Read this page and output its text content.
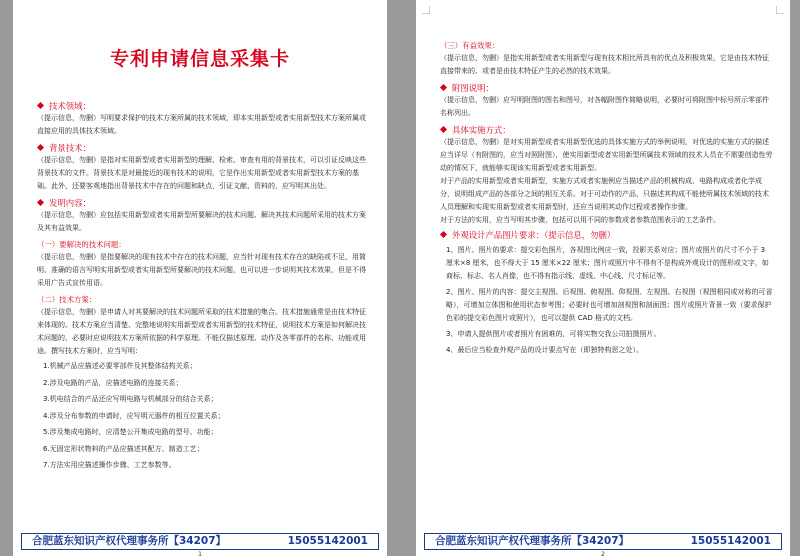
专利申请信息采集卡
技术领域：
（提示信息，勿删）写明要求保护的技术方案所属的技术领域，即本实用新型或者实用新型技术方案所属或直接应用的具体技术领域。
背景技术：
（提示信息，勿删）是指对实用新型或者实用新型的理解、检索、审查有用的背景技术，可以引证反映这些背景技术的文件。背景技术是对最接近的现有技术的说明，它是作出实用新型或者实用新型技术方案的基础。此外，还要客观地指出背景技术中存在的问题和缺点，引证文献、资料的，应写明其出处。
发明内容：
（提示信息，勿删）应包括实用新型或者实用新型所要解决的技术问题、解决其技术问题所采用的技术方案及其有益效果。
（一）要解决的技术问题：
（提示信息，勿删）是指要解决的现有技术中存在的技术问题，应当针对现有技术存在的缺陷或不足，用简明、准确的语言写明实用新型或者实用新型所要解决的技术问题，也可以进一步说明其技术效果，但是不得采用广告式宣传用语。
（二）技术方案：
（提示信息，勿删）是申请人对其要解决的技术问题所采取的技术措施的集合。技术措施通常是由技术特征来体现的。技术方案应当清楚、完整地说明实用新型或者实用新型的技术特征，说明技术方案是如何解决技术问题的，必要时应说明技术方案所依据的科学原理。不能仅描述原理、动作及各零部件的名称、功能或用途。撰写技术方案时，应当写明：
1.机械产品应描述必要零部件及其整体结构关系；
2.涉及电路的产品，应描述电路的连接关系；
3.机电结合的产品还应写明电路与机械部分的结合关系；
4.涉及分布参数的申请时，应写明元器件的相互位置关系；
5.涉及集成电路时，应清楚公开集成电路的型号、功能；
6.无固定形状物料的产品应描述其配方、制造工艺；
7.方法实用应描述操作步骤、工艺参数等。
合肥蓝东知识产权代理事务所【34207】	15055142001
1
（三）有益效果：
（提示信息，勿删）是指实用新型或者实用新型与现有技术相比所具有的优点及积极效果，它是由技术特征直接带来的、或者是由技术特征产生的必然的技术效果。
附图说明：
（提示信息，勿删）应写明附图的图名和图号，对各幅附图作简略说明，必要时可将附图中标号所示零部件名称列出。
具体实施方式：
（提示信息，勿删）是对实用新型或者实用新型优选的具体实施方式的举例说明，对优选的实施方式的描述应当详尽（有附图的，应当对照附图），使实用新型或者实用新型所属技术领域的技术人员在不需要创造性劳动的情况下，就能够实现该实用新型或者实用新型。
对于产品的实用新型或者实用新型，实施方式或者实施例应当描述产品的机械构成、电路构成或者化学成分，说明组成产品的各部分之间的相互关系。对于可动作的产品，只描述其构成不能使所属技术领域的技术人员理解和实现实用新型或者实用新型时，还应当说明其动作过程或者操作步骤。
对于方法的实用，应当写明其步骤，包括可以用不同的参数或者参数范围表示的工艺条件。
外观设计产品图片要求：（提示信息，勿删）
1、图片、照片的要求：提交彩色照片，各视图比例应一致，投影关系对应；图片或照片的尺寸不小于 3 厘米×8 厘米，也不得大于 15 厘米×22 厘米；图片或照片中不得有不是构成外观设计的图形或文字，如商标、标志、名人肖像，也不得有指示线、虚线、中心线、尺寸标记等。
2、图片、照片的内容：提交主视图、后视图、俯视图、仰视图、左视图、右视图（视图相同或对称的可省略），可增加立体图和使用状态参考图；必要时也可增加剖视图和剖面图；图片或照片背景一致（要求保护色彩的提交彩色图片或照片），也可以提供 CAD 格式的文档。
3、申请人提供图片或者照片有困难的，可将实物交我公司拍摄照片。
4、最后应当检查外观产品的设计要点写在（即独特构思之处）。
合肥蓝东知识产权代理事务所【34207】	15055142001
2
